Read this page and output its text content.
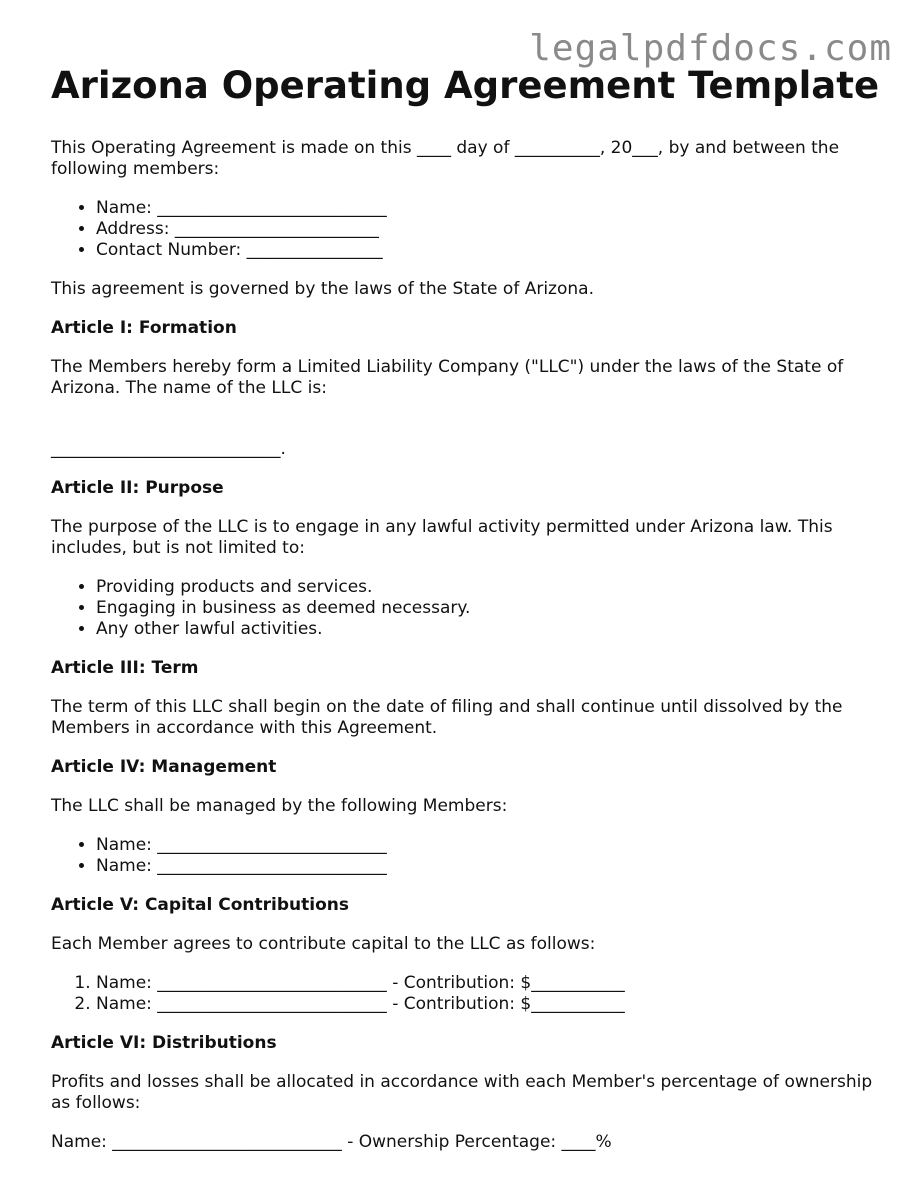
legalpdfdocs.com
Arizona Operating Agreement Template

This Operating Agreement is made on this ____ day of __________, 20___, by and between the following members:

• Name: ___________________________
• Address: ________________________
• Contact Number: ________________

This agreement is governed by the laws of the State of Arizona.

Article I: Formation

The Members hereby form a Limited Liability Company ("LLC") under the laws of the State of Arizona. The name of the LLC is:

___________________________.

Article II: Purpose

The purpose of the LLC is to engage in any lawful activity permitted under Arizona law. This includes, but is not limited to:

• Providing products and services.
• Engaging in business as deemed necessary.
• Any other lawful activities.
Article III: Term

The term of this LLC shall begin on the date of filing and shall continue until dissolved by the Members in accordance with this Agreement.

Article IV: Management

The LLC shall be managed by the following Members:

• Name: ___________________________
• Name: ___________________________
Article V: Capital Contributions

Each Member agrees to contribute capital to the LLC as follows:

1. Name: ___________________________ - Contribution: $___________
2. Name: ___________________________ - Contribution: $___________
Article VI: Distributions

Profits and losses shall be allocated in accordance with each Member's percentage of ownership as follows:

Name: ___________________________ - Ownership Percentage: ____%
